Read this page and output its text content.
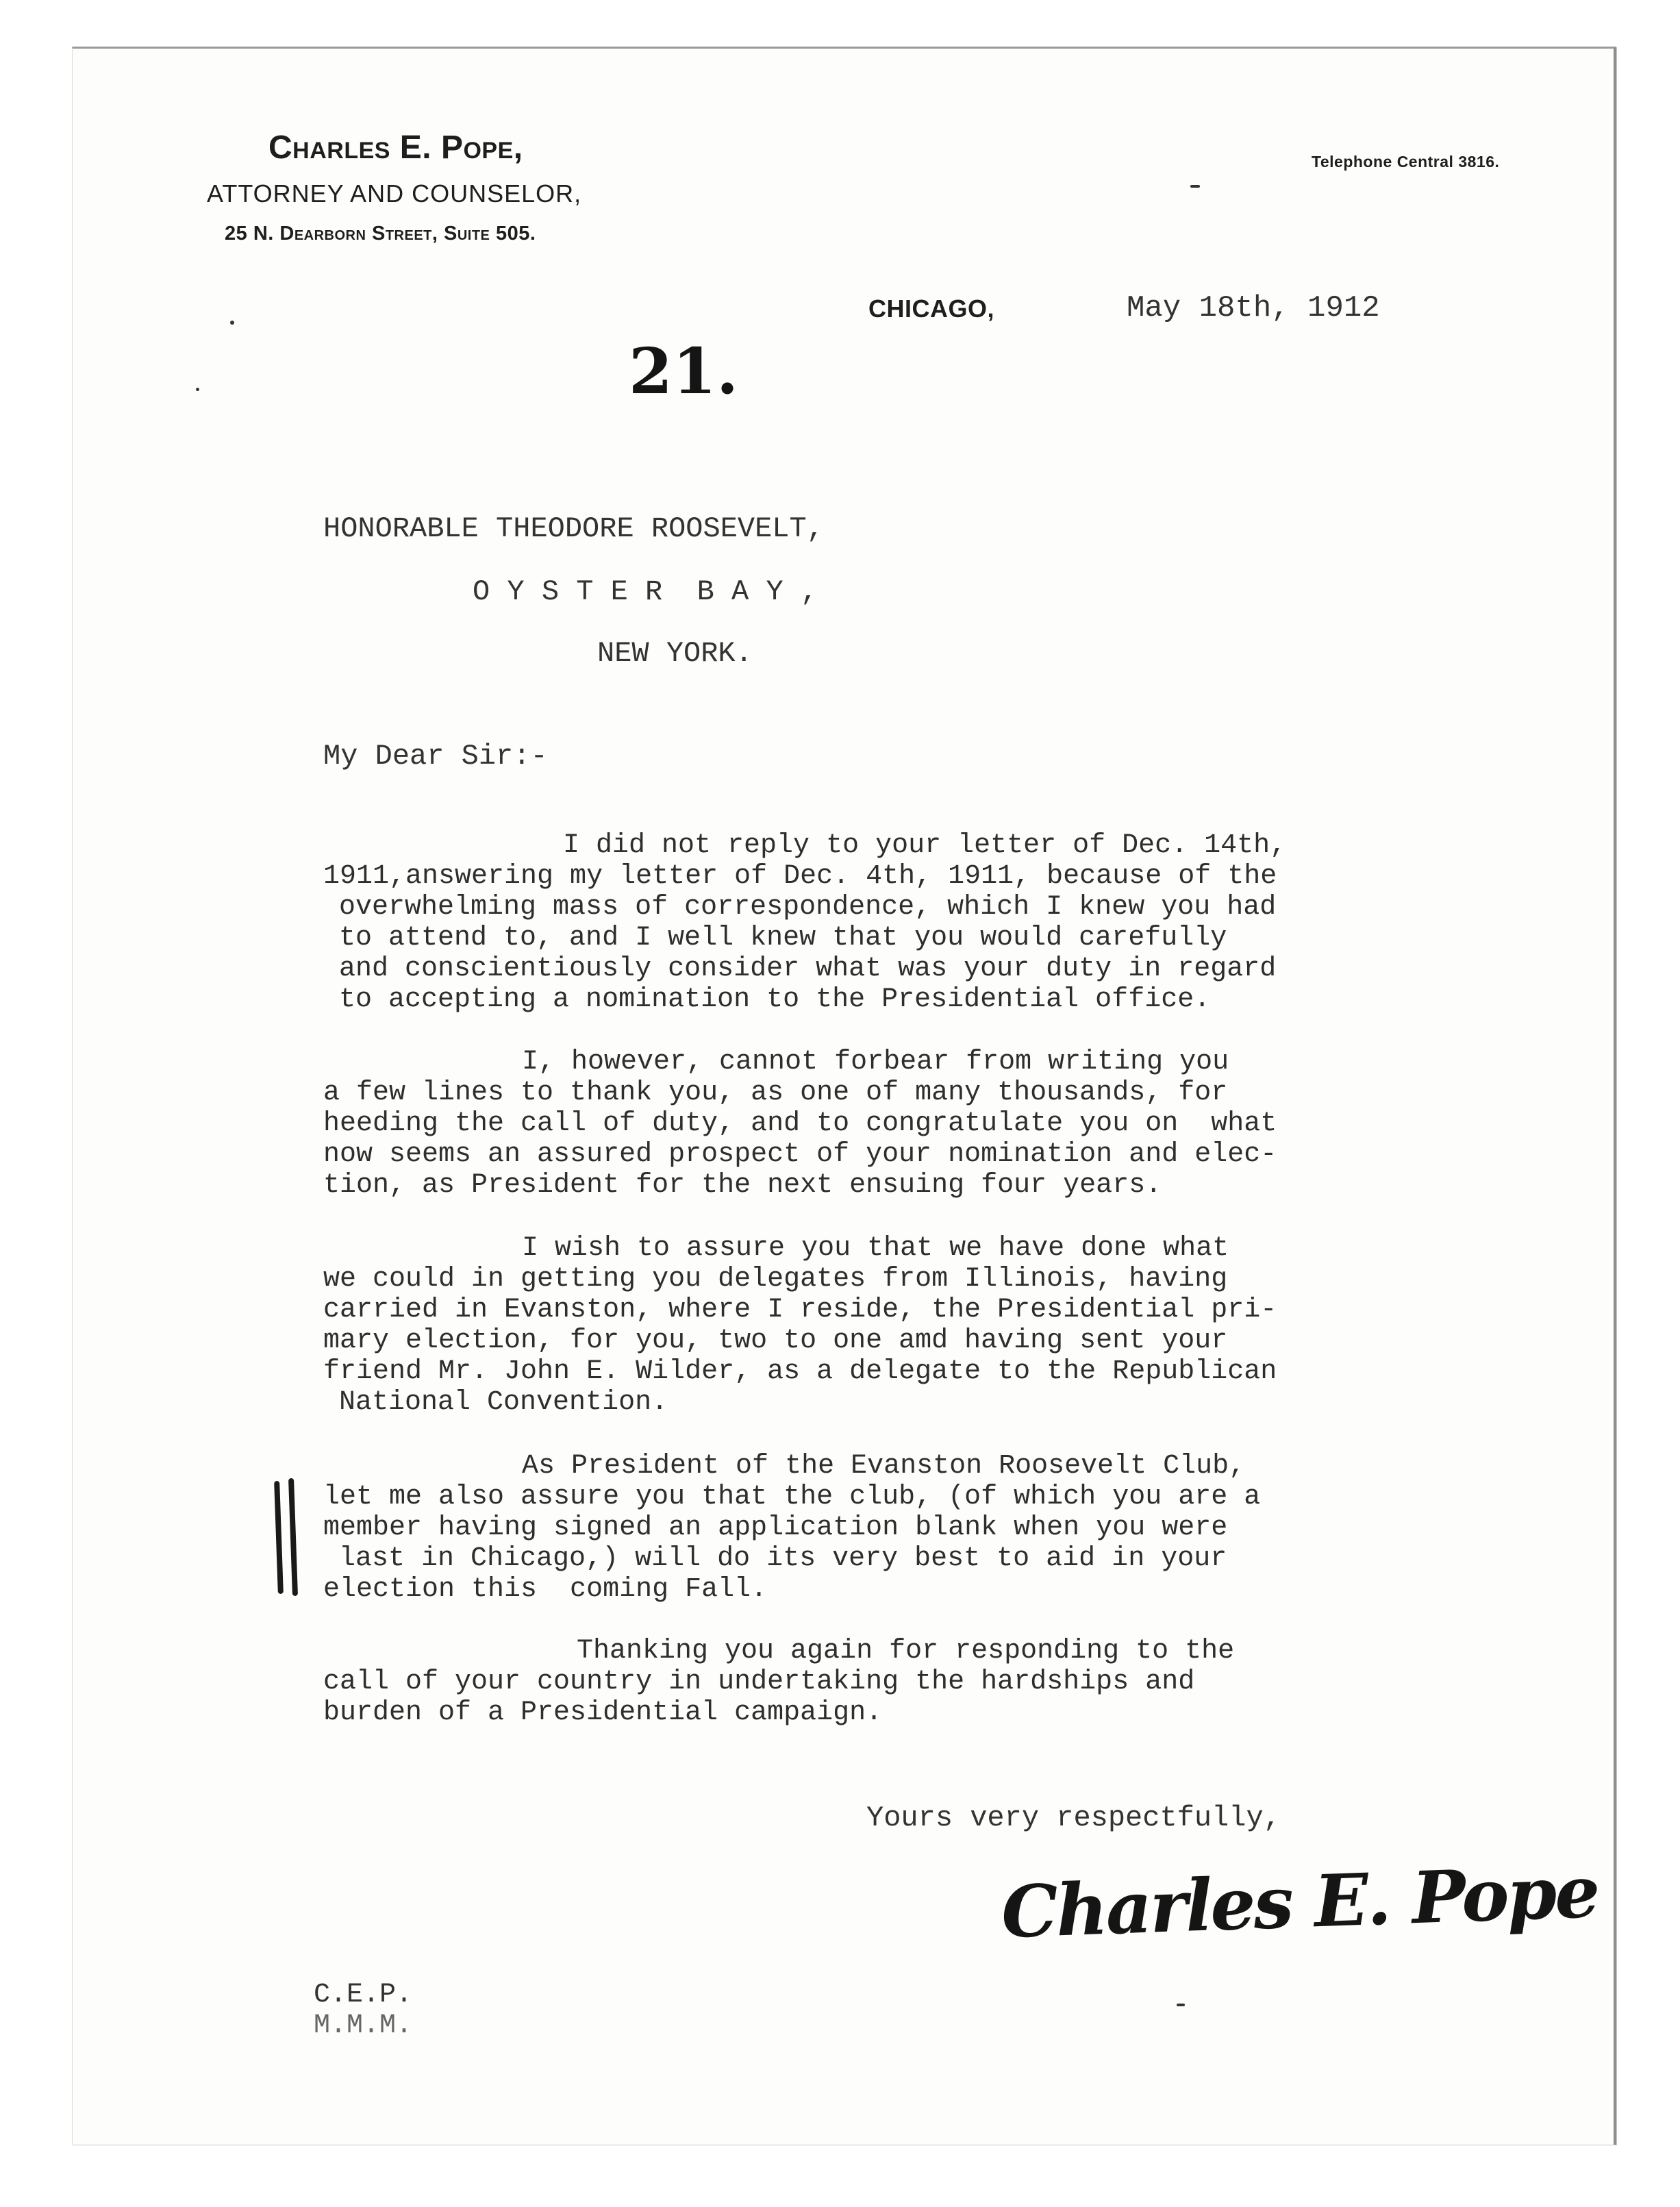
Charles E. Pope,
ATTORNEY AND COUNSELOR,
25 N. Dearborn Street, Suite 505.
Telephone Central 3816.
CHICAGO,	May 18th, 1912
21.
HONORABLE THEODORE ROOSEVELT,
O Y S T E R  B A Y ,
NEW YORK.
My Dear Sir:-

I did not reply to your letter of Dec. 14th,

1911,answering my letter of Dec. 4th, 1911, because of the

overwhelming mass of correspondence, which I knew you had

to attend to, and I well knew that you would carefully

and conscientiously consider what was your duty in regard

to accepting a nomination to the Presidential office.

I, however, cannot forbear from writing you

a few lines to thank you, as one of many thousands, for

heeding the call of duty, and to congratulate you on  what

now seems an assured prospect of your nomination and elec-

tion, as President for the next ensuing four years.

I wish to assure you that we have done what

we could in getting you delegates from Illinois, having

carried in Evanston, where I reside, the Presidential pri-

mary election, for you, two to one amd having sent your

friend Mr. John E. Wilder, as a delegate to the Republican

National Convention.

As President of the Evanston Roosevelt Club,

let me also assure you that the club, (of which you are a

member having signed an application blank when you were

last in Chicago,) will do its very best to aid in your

election this  coming Fall.

Thanking you again for responding to the

call of your country in undertaking the hardships and

burden of a Presidential campaign.

Yours very respectfully,
Charles E. Pope
C.E.P.
M.M.M.
